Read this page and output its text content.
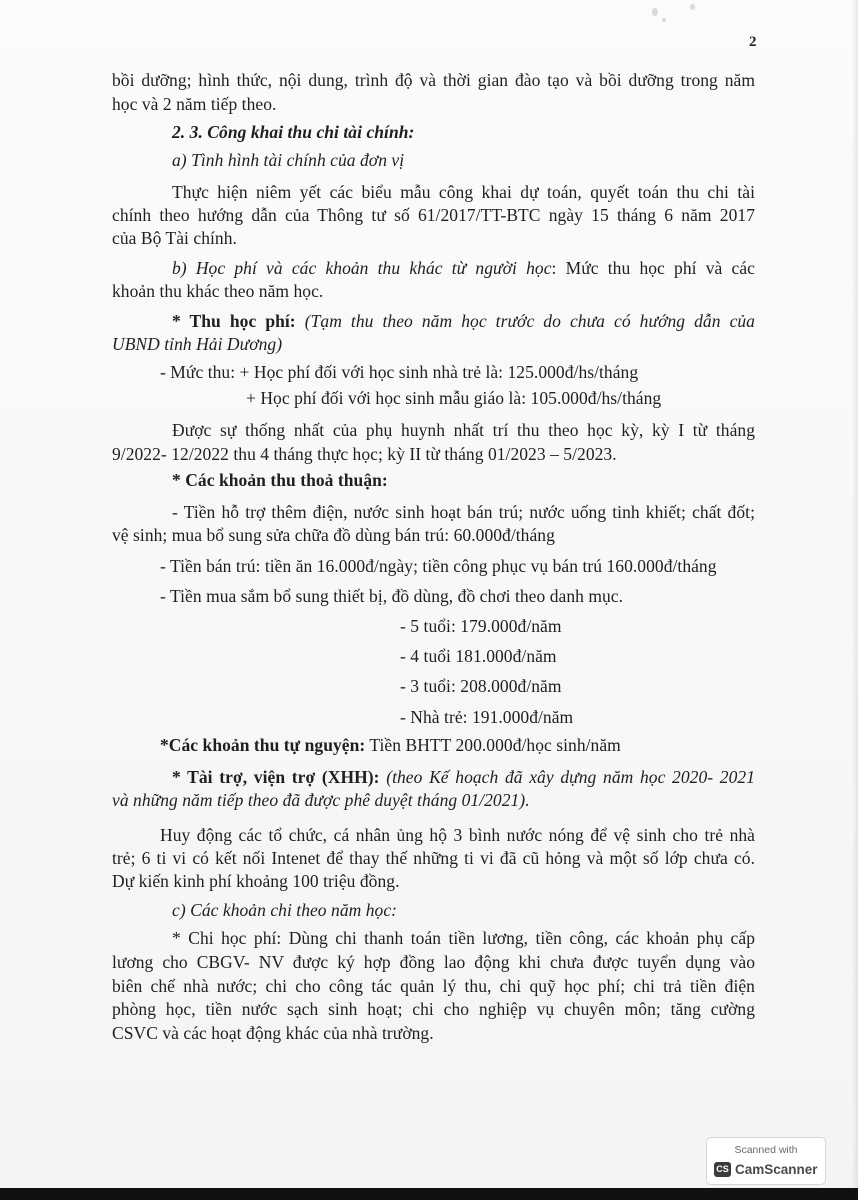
2
bồi dưỡng; hình thức, nội dung, trình độ và thời gian đào tạo và bồi dưỡng trong năm
học và 2 năm tiếp theo.
2. 3. Công khai thu chi tài chính:
a) Tình hình tài chính của đơn vị
Thực hiện niêm yết các biểu mẫu công khai dự toán, quyết toán thu chi tài
chính theo hướng dẫn của Thông tư số 61/2017/TT-BTC ngày 15 tháng 6 năm 2017
của Bộ Tài chính.
b) Học phí và các khoản thu khác từ người học: Mức thu học phí và các
khoản thu khác theo năm học.
* Thu học phí: (Tạm thu theo năm học trước do chưa có hướng dẫn của
UBND tỉnh Hải Dương)
- Mức thu: + Học phí đối với học sinh nhà trẻ là: 125.000đ/hs/tháng
+ Học phí đối với học sinh mẫu giáo là: 105.000đ/hs/tháng
Được sự thống nhất của phụ huynh nhất trí thu theo học kỳ, kỳ I từ tháng
9/2022- 12/2022 thu 4 tháng thực học; kỳ II từ tháng 01/2023 – 5/2023.
* Các khoản thu thoả thuận:
- Tiền hỗ trợ thêm điện, nước sinh hoạt bán trú; nước uống tinh khiết; chất đốt;
vệ sinh; mua bổ sung sửa chữa đồ dùng bán trú: 60.000đ/tháng
- Tiền bán trú: tiền ăn 16.000đ/ngày; tiền công phục vụ bán trú 160.000đ/tháng
- Tiền mua sắm bổ sung thiết bị, đồ dùng, đồ chơi theo danh mục.
- 5 tuổi: 179.000đ/năm
- 4 tuổi 181.000đ/năm
- 3 tuổi: 208.000đ/năm
- Nhà trẻ: 191.000đ/năm
*Các khoản thu tự nguyện: Tiền BHTT 200.000đ/học sinh/năm
* Tài trợ, viện trợ (XHH): (theo Kế hoạch đã xây dựng năm học 2020- 2021
và những năm tiếp theo đã được phê duyệt tháng 01/2021).
Huy động các tổ chức, cá nhân ủng hộ 3 bình nước nóng để vệ sinh cho trẻ nhà
trẻ; 6 ti vi có kết nối Intenet để thay thế những ti vi đã cũ hỏng và một số lớp chưa có.
Dự kiến kinh phí khoảng 100 triệu đồng.
c) Các khoản chi theo năm học:
* Chi học phí: Dùng chi thanh toán tiền lương, tiền công, các khoản phụ cấp
lương cho CBGV- NV được ký hợp đồng lao động khi chưa được tuyển dụng vào
biên chế nhà nước; chi cho công tác quản lý thu, chi quỹ học phí; chi trả tiền điện
phòng học, tiền nước sạch sinh hoạt; chi cho nghiệp vụ chuyên môn; tăng cường
CSVC và các hoạt động khác của nhà trường.
Scanned with
CS CamScanner
